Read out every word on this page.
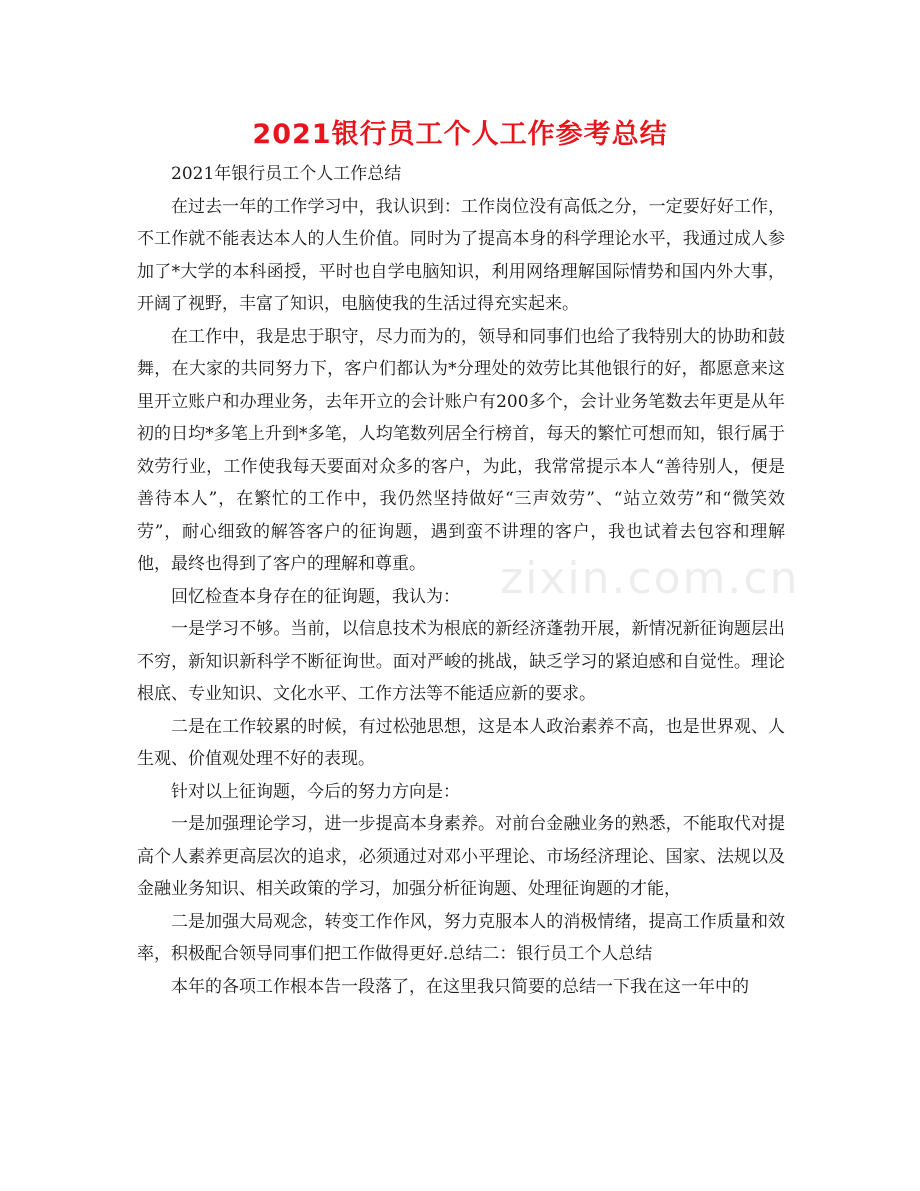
2021银行员工个人工作参考总结

2021年银行员工个人工作总结

在过去一年的工作学习中，我认识到：工作岗位没有高低之分，一定要好好工作，不工作就不能表达本人的人生价值。同时为了提高本身的科学理论水平，我通过成人参加了*大学的本科函授，平时也自学电脑知识，利用网络理解国际情势和国内外大事，开阔了视野，丰富了知识，电脑使我的生活过得充实起来。

在工作中，我是忠于职守，尽力而为的，领导和同事们也给了我特别大的协助和鼓舞，在大家的共同努力下，客户们都认为*分理处的效劳比其他银行的好，都愿意来这里开立账户和办理业务，去年开立的会计账户有200多个，会计业务笔数去年更是从年初的日均*多笔上升到*多笔，人均笔数列居全行榜首，每天的繁忙可想而知，银行属于效劳行业，工作使我每天要面对众多的客户，为此，我常常提示本人“善待别人，便是善待本人”，在繁忙的工作中，我仍然坚持做好“三声效劳”、“站立效劳”和“微笑效劳”，耐心细致的解答客户的征询题，遇到蛮不讲理的客户，我也试着去包容和理解他，最终也得到了客户的理解和尊重。

回忆检查本身存在的征询题，我认为：

一是学习不够。当前，以信息技术为根底的新经济蓬勃开展，新情况新征询题层出不穷，新知识新科学不断征询世。面对严峻的挑战，缺乏学习的紧迫感和自觉性。理论根底、专业知识、文化水平、工作方法等不能适应新的要求。

二是在工作较累的时候，有过松弛思想，这是本人政治素养不高，也是世界观、人生观、价值观处理不好的表现。

针对以上征询题，今后的努力方向是：

一是加强理论学习，进一步提高本身素养。对前台金融业务的熟悉，不能取代对提高个人素养更高层次的追求，必须通过对邓小平理论、市场经济理论、国家、法规以及金融业务知识、相关政策的学习，加强分析征询题、处理征询题的才能，

二是加强大局观念，转变工作作风，努力克服本人的消极情绪，提高工作质量和效率，积极配合领导同事们把工作做得更好.总结二：银行员工个人总结

本年的各项工作根本告一段落了，在这里我只简要的总结一下我在这一年中的

zixin.com.cn
